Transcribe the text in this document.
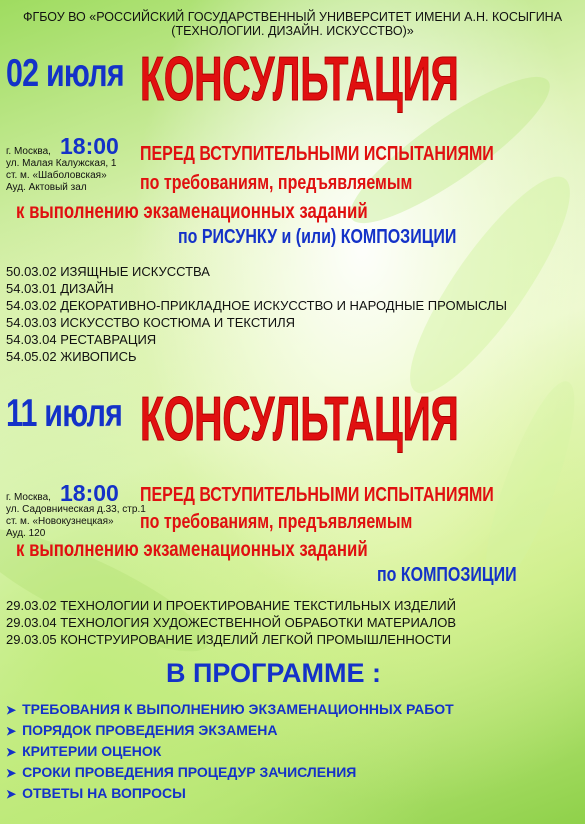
ФГБОУ ВО «РОССИЙСКИЙ ГОСУДАРСТВЕННЫЙ УНИВЕРСИТЕТ ИМЕНИ А.Н. КОСЫГИНА
(ТЕХНОЛОГИИ. ДИЗАЙН. ИСКУССТВО)»
02 июля КОНСУЛЬТАЦИЯ
г. Москва, 18:00
ул. Малая Калужская, 1
ст. м. «Шаболовская»
Ауд. Актовый зал
ПЕРЕД ВСТУПИТЕЛЬНЫМИ ИСПЫТАНИЯМИ
по требованиям, предъявляемым
к выполнению экзаменационных заданий
по РИСУНКУ и (или) КОМПОЗИЦИИ
50.03.02 ИЗЯЩНЫЕ ИСКУССТВА
54.03.01 ДИЗАЙН
54.03.02 ДЕКОРАТИВНО-ПРИКЛАДНОЕ ИСКУССТВО И НАРОДНЫЕ ПРОМЫСЛЫ
54.03.03 ИСКУССТВО КОСТЮМА И ТЕКСТИЛЯ
54.03.04 РЕСТАВРАЦИЯ
54.05.02 ЖИВОПИСЬ
11 июля КОНСУЛЬТАЦИЯ
г. Москва, 18:00
ул. Садовническая д.33, стр.1
ст. м. «Новокузнецкая»
Ауд. 120
ПЕРЕД ВСТУПИТЕЛЬНЫМИ ИСПЫТАНИЯМИ
по требованиям, предъявляемым
к выполнению экзаменационных заданий
по КОМПОЗИЦИИ
29.03.02 ТЕХНОЛОГИИ И ПРОЕКТИРОВАНИЕ ТЕКСТИЛЬНЫХ ИЗДЕЛИЙ
29.03.04 ТЕХНОЛОГИЯ ХУДОЖЕСТВЕННОЙ ОБРАБОТКИ МАТЕРИАЛОВ
29.03.05 КОНСТРУИРОВАНИЕ ИЗДЕЛИЙ ЛЕГКОЙ ПРОМЫШЛЕННОСТИ
В ПРОГРАММЕ :
➤ ТРЕБОВАНИЯ К ВЫПОЛНЕНИЮ ЭКЗАМЕНАЦИОННЫХ РАБОТ
➤ ПОРЯДОК ПРОВЕДЕНИЯ ЭКЗАМЕНА
➤ КРИТЕРИИ ОЦЕНОК
➤ СРОКИ ПРОВЕДЕНИЯ ПРОЦЕДУР ЗАЧИСЛЕНИЯ
➤ ОТВЕТЫ НА ВОПРОСЫ
